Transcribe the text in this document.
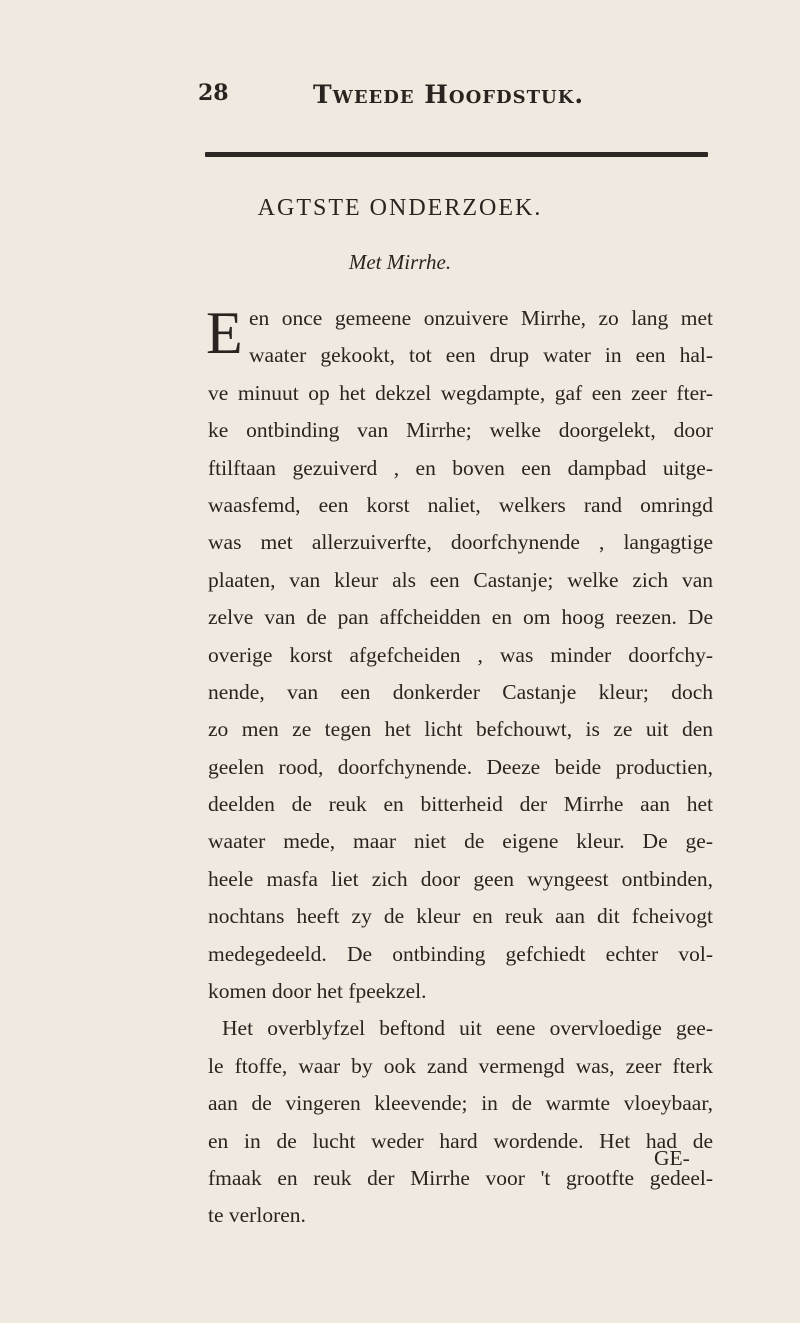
28	Tweede Hoofdstuk.
AGTSTE ONDERZOEK.
Met Mirrhe.
E en once gemeene onzuivere Mirrhe, zo lang met
waater gekookt, tot een drup water in een hal-
ve minuut op het dekzel wegdampte, gaf een zeer fter-
ke ontbinding van Mirrhe; welke doorgelekt, door
ftilftaan gezuiverd , en boven een dampbad uitge-
waasfemd, een korst naliet, welkers rand omringd
was met allerzuiverfte, doorfchynende , langagtige
plaaten, van kleur als een Castanje; welke zich van
zelve van de pan affcheidden en om hoog reezen. De
overige korst afgefcheiden , was minder doorfchy-
nende, van een donkerder Castanje kleur; doch
zo men ze tegen het licht befchouwt, is ze uit den
geelen rood, doorfchynende. Deeze beide productien,
deelden de reuk en bitterheid der Mirrhe aan het
waater mede, maar niet de eigene kleur. De ge-
heele masfa liet zich door geen wyngeest ontbinden,
nochtans heeft zy de kleur en reuk aan dit fcheivogt
medegedeeld. De ontbinding gefchiedt echter vol-
komen door het fpeekzel.
Het overblyfzel beftond uit eene overvloedige gee-
le ftoffe, waar by ook zand vermengd was, zeer fterk
aan de vingeren kleevende; in de warmte vloeybaar,
en in de lucht weder hard wordende. Het had de
fmaak en reuk der Mirrhe voor 't grootfte gedeel-
te verloren.
GE-
